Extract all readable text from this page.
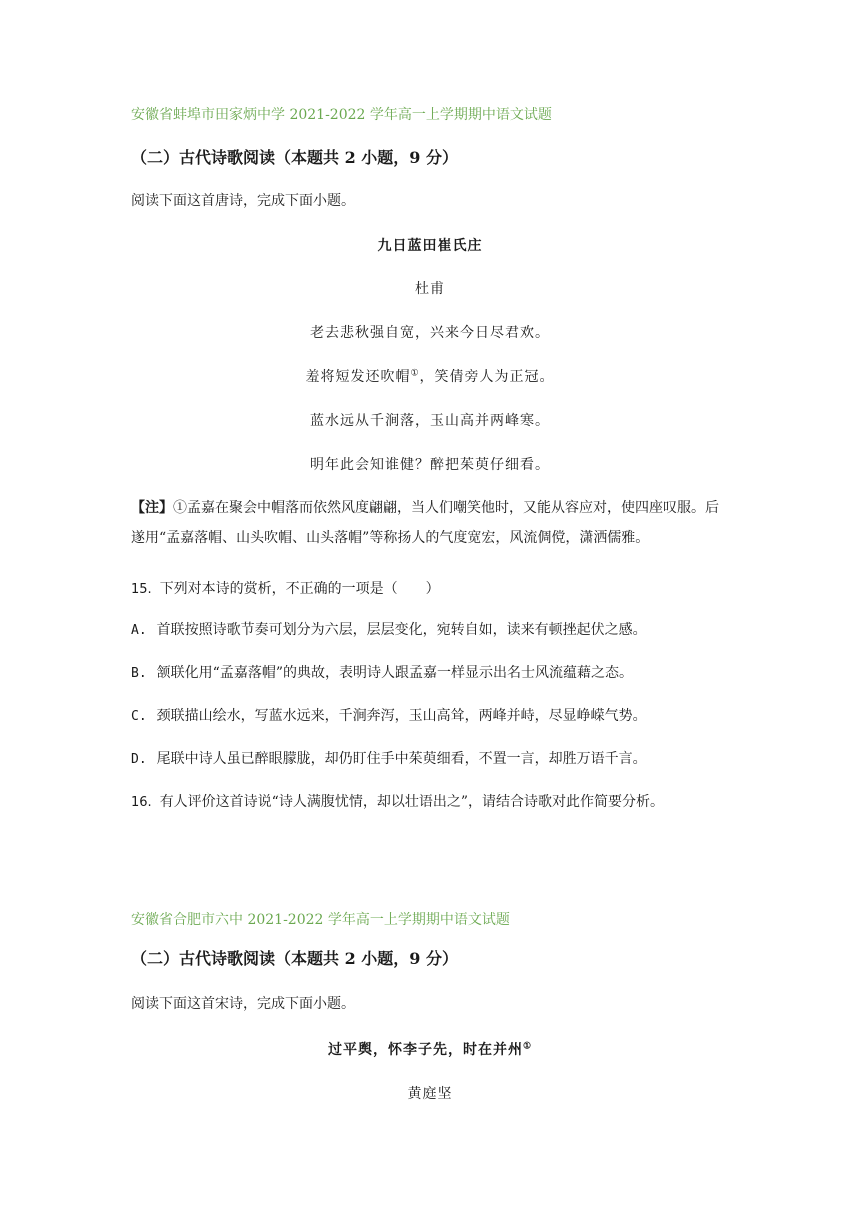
安徽省蚌埠市田家炳中学 2021-2022 学年高一上学期期中语文试题
（二）古代诗歌阅读（本题共 2 小题，9 分）
阅读下面这首唐诗，完成下面小题。
九日蓝田崔氏庄
杜甫
老去悲秋强自宽，兴来今日尽君欢。
羞将短发还吹帽①，笑倩旁人为正冠。
蓝水远从千涧落，玉山高并两峰寒。
明年此会知谁健？醉把茱萸仔细看。
【注】①孟嘉在聚会中帽落而依然风度翩翩，当人们嘲笑他时，又能从容应对，使四座叹服。后遂用“孟嘉落帽、山头吹帽、山头落帽”等称扬人的气度宽宏，风流倜傥，潇洒儒雅。
15. 下列对本诗的赏析，不正确的一项是（　　）
A. 首联按照诗歌节奏可划分为六层，层层变化，宛转自如，读来有顿挫起伏之感。
B. 颔联化用“孟嘉落帽”的典故，表明诗人跟孟嘉一样显示出名士风流蕴藉之态。
C. 颈联描山绘水，写蓝水远来，千涧奔泻，玉山高耸，两峰并峙，尽显峥嵘气势。
D. 尾联中诗人虽已醉眼朦胧，却仍盯住手中茱萸细看，不置一言，却胜万语千言。
16. 有人评价这首诗说“诗人满腹忧情，却以壮语出之”，请结合诗歌对此作简要分析。
安徽省合肥市六中 2021-2022 学年高一上学期期中语文试题
（二）古代诗歌阅读（本题共 2 小题，9 分）
阅读下面这首宋诗，完成下面小题。
过平舆，怀李子先，时在并州①
黄庭坚
